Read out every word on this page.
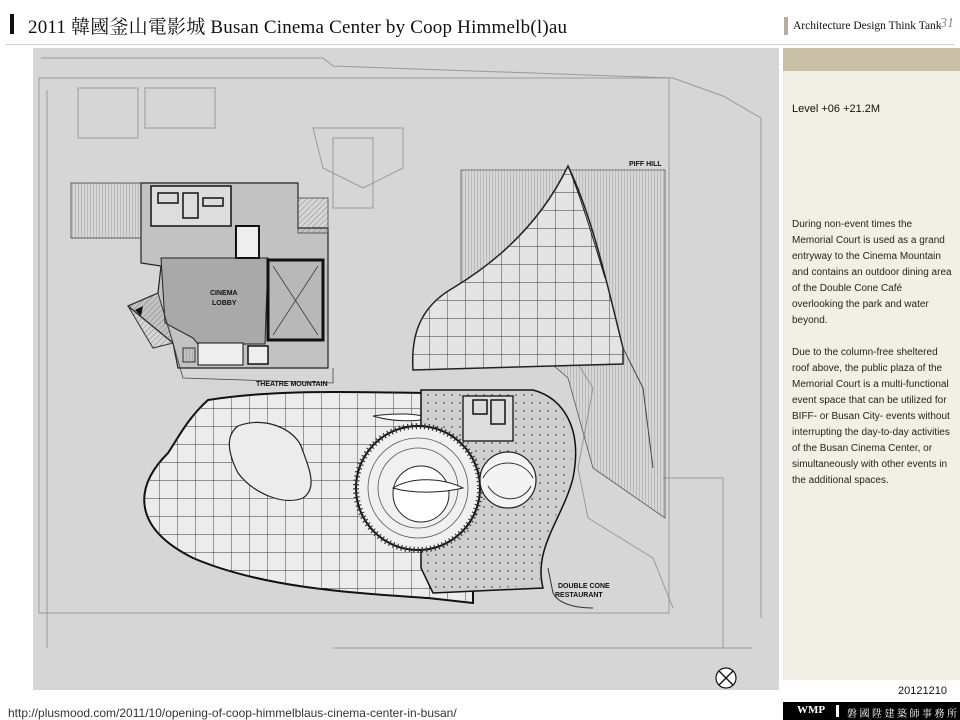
2011 韓國釜山電影城 Busan Cinema Center by Coop Himmelb(l)au	Architecture Design Think Tank
31
CINEMA
LOBBY
THEATRE MOUNTAIN
PIFF HILL
DOUBLE CONE
RESTAURANT
Level +06 +21.2M

During non-event times the Memorial Court is used as a grand entryway to the Cinema Mountain and contains an outdoor dining area of the Double Cone Café overlooking the park and water beyond.

Due to the column-free sheltered roof above, the public plaza of the Memorial Court is a multi-functional event space that can be utilized for BIFF- or Busan City- events without interrupting the day-to-day activities of the Busan Cinema Center, or simultaneously with other events in the additional spaces.

20121210
http://plusmood.com/2011/10/opening-of-coop-himmelblaus-cinema-center-in-busan/	WMP 磐 國 陞 建 築 師 事 務 所
